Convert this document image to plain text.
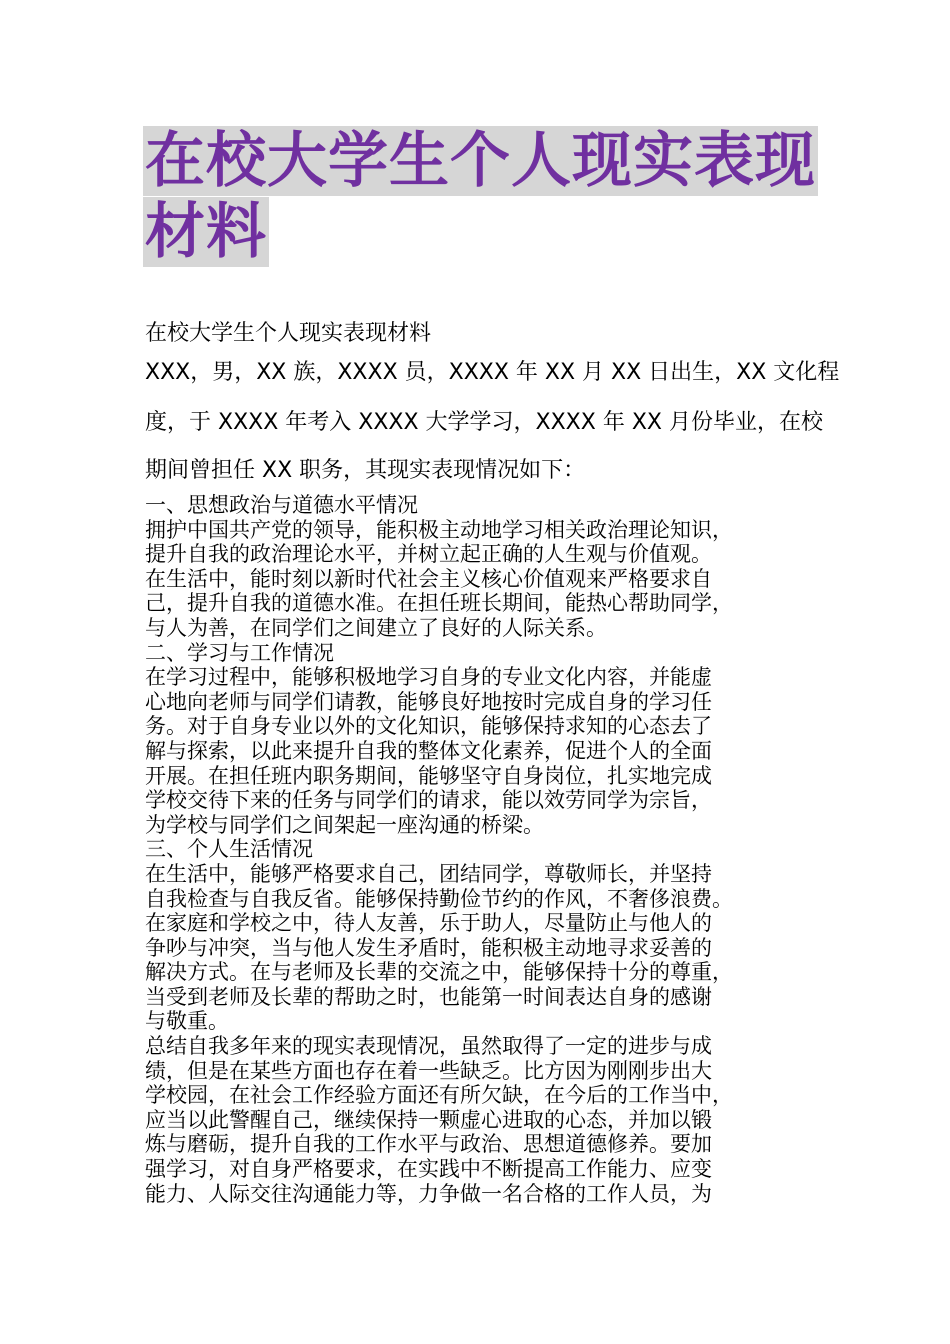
在校大学生个人现实表现
材料
在校大学生个人现实表现材料
XXX，男，XX 族，XXXX 员，XXXX 年 XX 月 XX 日出生，XX 文化程
度，于 XXXX 年考入 XXXX 大学学习，XXXX 年 XX 月份毕业，在校
期间曾担任 XX 职务，其现实表现情况如下：
一、思想政治与道德水平情况
拥护中国共产党的领导，能积极主动地学习相关政治理论知识，
提升自我的政治理论水平，并树立起正确的人生观与价值观。
在生活中，能时刻以新时代社会主义核心价值观来严格要求自
己，提升自我的道德水准。在担任班长期间，能热心帮助同学，
与人为善，在同学们之间建立了良好的人际关系。
二、学习与工作情况
在学习过程中，能够积极地学习自身的专业文化内容，并能虚
心地向老师与同学们请教，能够良好地按时完成自身的学习任
务。对于自身专业以外的文化知识，能够保持求知的心态去了
解与探索，以此来提升自我的整体文化素养，促进个人的全面
开展。在担任班内职务期间，能够坚守自身岗位，扎实地完成
学校交待下来的任务与同学们的请求，能以效劳同学为宗旨，
为学校与同学们之间架起一座沟通的桥梁。
三、个人生活情况
在生活中，能够严格要求自己，团结同学，尊敬师长，并坚持
自我检查与自我反省。能够保持勤俭节约的作风，不奢侈浪费。
在家庭和学校之中，待人友善，乐于助人，尽量防止与他人的
争吵与冲突，当与他人发生矛盾时，能积极主动地寻求妥善的
解决方式。在与老师及长辈的交流之中，能够保持十分的尊重，
当受到老师及长辈的帮助之时，也能第一时间表达自身的感谢
与敬重。
总结自我多年来的现实表现情况，虽然取得了一定的进步与成
绩，但是在某些方面也存在着一些缺乏。比方因为刚刚步出大
学校园，在社会工作经验方面还有所欠缺，在今后的工作当中，
应当以此警醒自己，继续保持一颗虚心进取的心态，并加以锻
炼与磨砺，提升自我的工作水平与政治、思想道德修养。要加
强学习，对自身严格要求，在实践中不断提高工作能力、应变
能力、人际交往沟通能力等，力争做一名合格的工作人员，为
